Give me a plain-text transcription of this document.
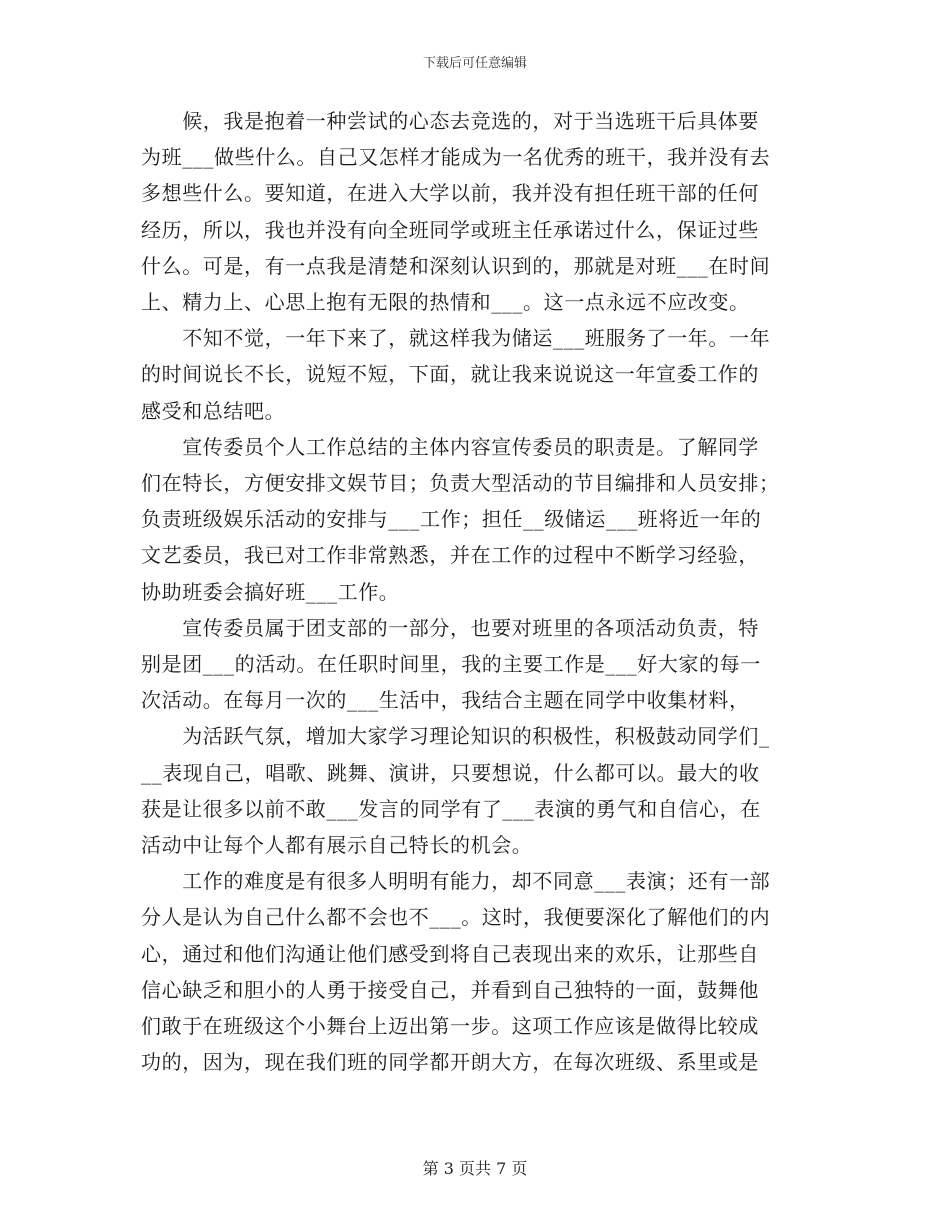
下载后可任意编辑

　　候，我是抱着一种尝试的心态去竞选的，对于当选班干后具体要

为班___做些什么。自己又怎样才能成为一名优秀的班干，我并没有去

多想些什么。要知道，在进入大学以前，我并没有担任班干部的任何

经历，所以，我也并没有向全班同学或班主任承诺过什么，保证过些

什么。可是，有一点我是清楚和深刻认识到的，那就是对班___在时间

上、精力上、心思上抱有无限的热情和___。这一点永远不应改变。

　　不知不觉，一年下来了，就这样我为储运___班服务了一年。一年

的时间说长不长，说短不短，下面，就让我来说说这一年宣委工作的

感受和总结吧。

　　宣传委员个人工作总结的主体内容宣传委员的职责是。了解同学

们在特长，方便安排文娱节目；负责大型活动的节目编排和人员安排；

负责班级娱乐活动的安排与___工作；担任__级储运___班将近一年的

文艺委员，我已对工作非常熟悉，并在工作的过程中不断学习经验，

协助班委会搞好班___工作。

　　宣传委员属于团支部的一部分，也要对班里的各项活动负责，特

别是团___的活动。在任职时间里，我的主要工作是___好大家的每一

次活动。在每月一次的___生活中，我结合主题在同学中收集材料，

　　为活跃气氛，增加大家学习理论知识的积极性，积极鼓动同学们_

__表现自己，唱歌、跳舞、演讲，只要想说，什么都可以。最大的收

获是让很多以前不敢___发言的同学有了___表演的勇气和自信心，在

活动中让每个人都有展示自己特长的机会。

　　工作的难度是有很多人明明有能力，却不同意___表演；还有一部

分人是认为自己什么都不会也不___。这时，我便要深化了解他们的内

心，通过和他们沟通让他们感受到将自己表现出来的欢乐，让那些自

信心缺乏和胆小的人勇于接受自己，并看到自己独特的一面，鼓舞他

们敢于在班级这个小舞台上迈出第一步。这项工作应该是做得比较成

功的，因为，现在我们班的同学都开朗大方，在每次班级、系里或是

第 3 页共 7 页
